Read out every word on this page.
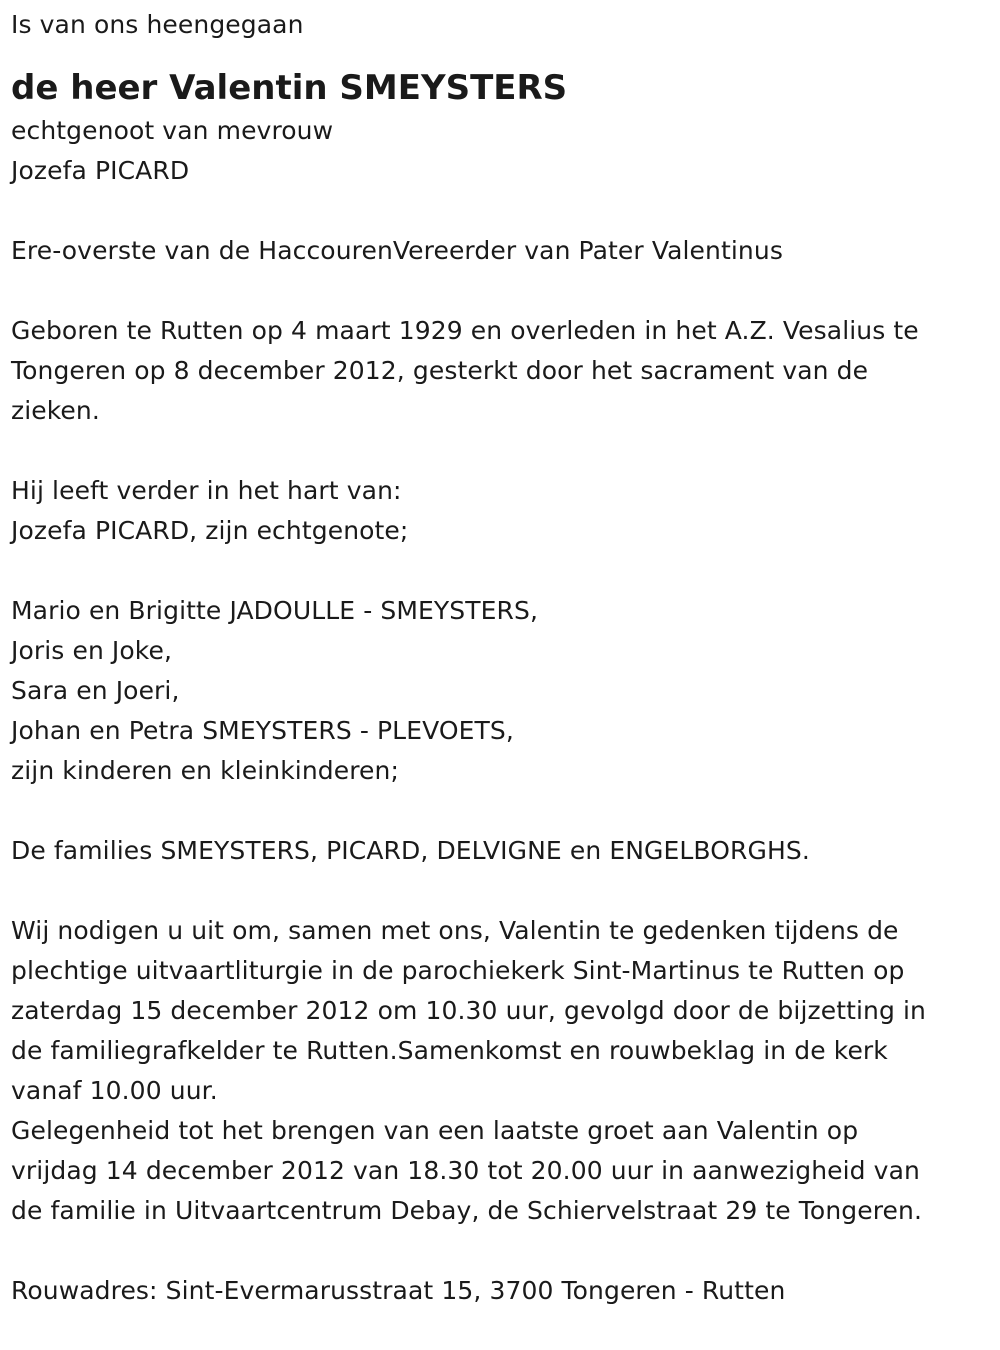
Is van ons heengegaan
de heer Valentin SMEYSTERS
echtgenoot van mevrouw
Jozefa PICARD
Ere-overste van de HaccourenVereerder van Pater Valentinus
Geboren te Rutten op 4 maart 1929 en overleden in het A.Z. Vesalius te
Tongeren op 8 december 2012, gesterkt door het sacrament van de
zieken.
Hij leeft verder in het hart van:
Jozefa PICARD, zijn echtgenote;
Mario en Brigitte JADOULLE - SMEYSTERS,
Joris en Joke,
Sara en Joeri,
Johan en Petra SMEYSTERS - PLEVOETS,
zijn kinderen en kleinkinderen;
De families SMEYSTERS, PICARD, DELVIGNE en ENGELBORGHS.
Wij nodigen u uit om, samen met ons, Valentin te gedenken tijdens de
plechtige uitvaartliturgie in de parochiekerk Sint-Martinus te Rutten op
zaterdag 15 december 2012 om 10.30 uur, gevolgd door de bijzetting in
de familiegrafkelder te Rutten.Samenkomst en rouwbeklag in de kerk
vanaf 10.00 uur.
Gelegenheid tot het brengen van een laatste groet aan Valentin op
vrijdag 14 december 2012 van 18.30 tot 20.00 uur in aanwezigheid van
de familie in Uitvaartcentrum Debay, de Schiervelstraat 29 te Tongeren.
Rouwadres: Sint-Evermarusstraat 15, 3700 Tongeren - Rutten
